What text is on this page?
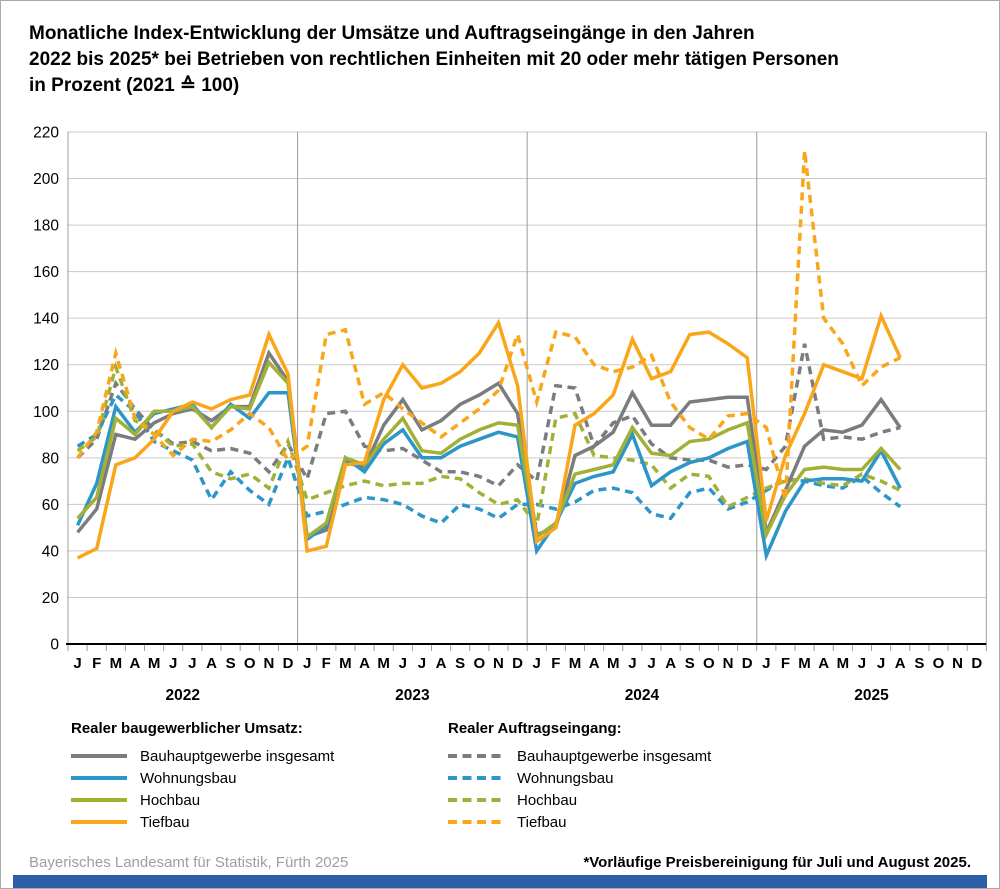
Monatliche Index-Entwicklung der Umsätze und Auftragseingänge in den Jahren
2022 bis 2025* bei Betrieben von rechtlichen Einheiten mit 20 oder mehr tätigen Personen
in Prozent (2021 ≙ 100)
0
20
40
60
80
100
120
140
160
180
200
220
J F M A M J J A S O N D J F M A M J J A S O N D J F M A M J J A S O N D J F M A M J J A S O N D
2022	2023	2024	2025
Realer baugewerblicher Umsatz:
Bauhauptgewerbe insgesamt
Wohnungsbau
Hochbau
Tiefbau
Realer Auftragseingang:
Bauhauptgewerbe insgesamt
Wohnungsbau
Hochbau
Tiefbau
Bayerisches Landesamt für Statistik, Fürth 2025	*Vorläufige Preisbereinigung für Juli und August 2025.
